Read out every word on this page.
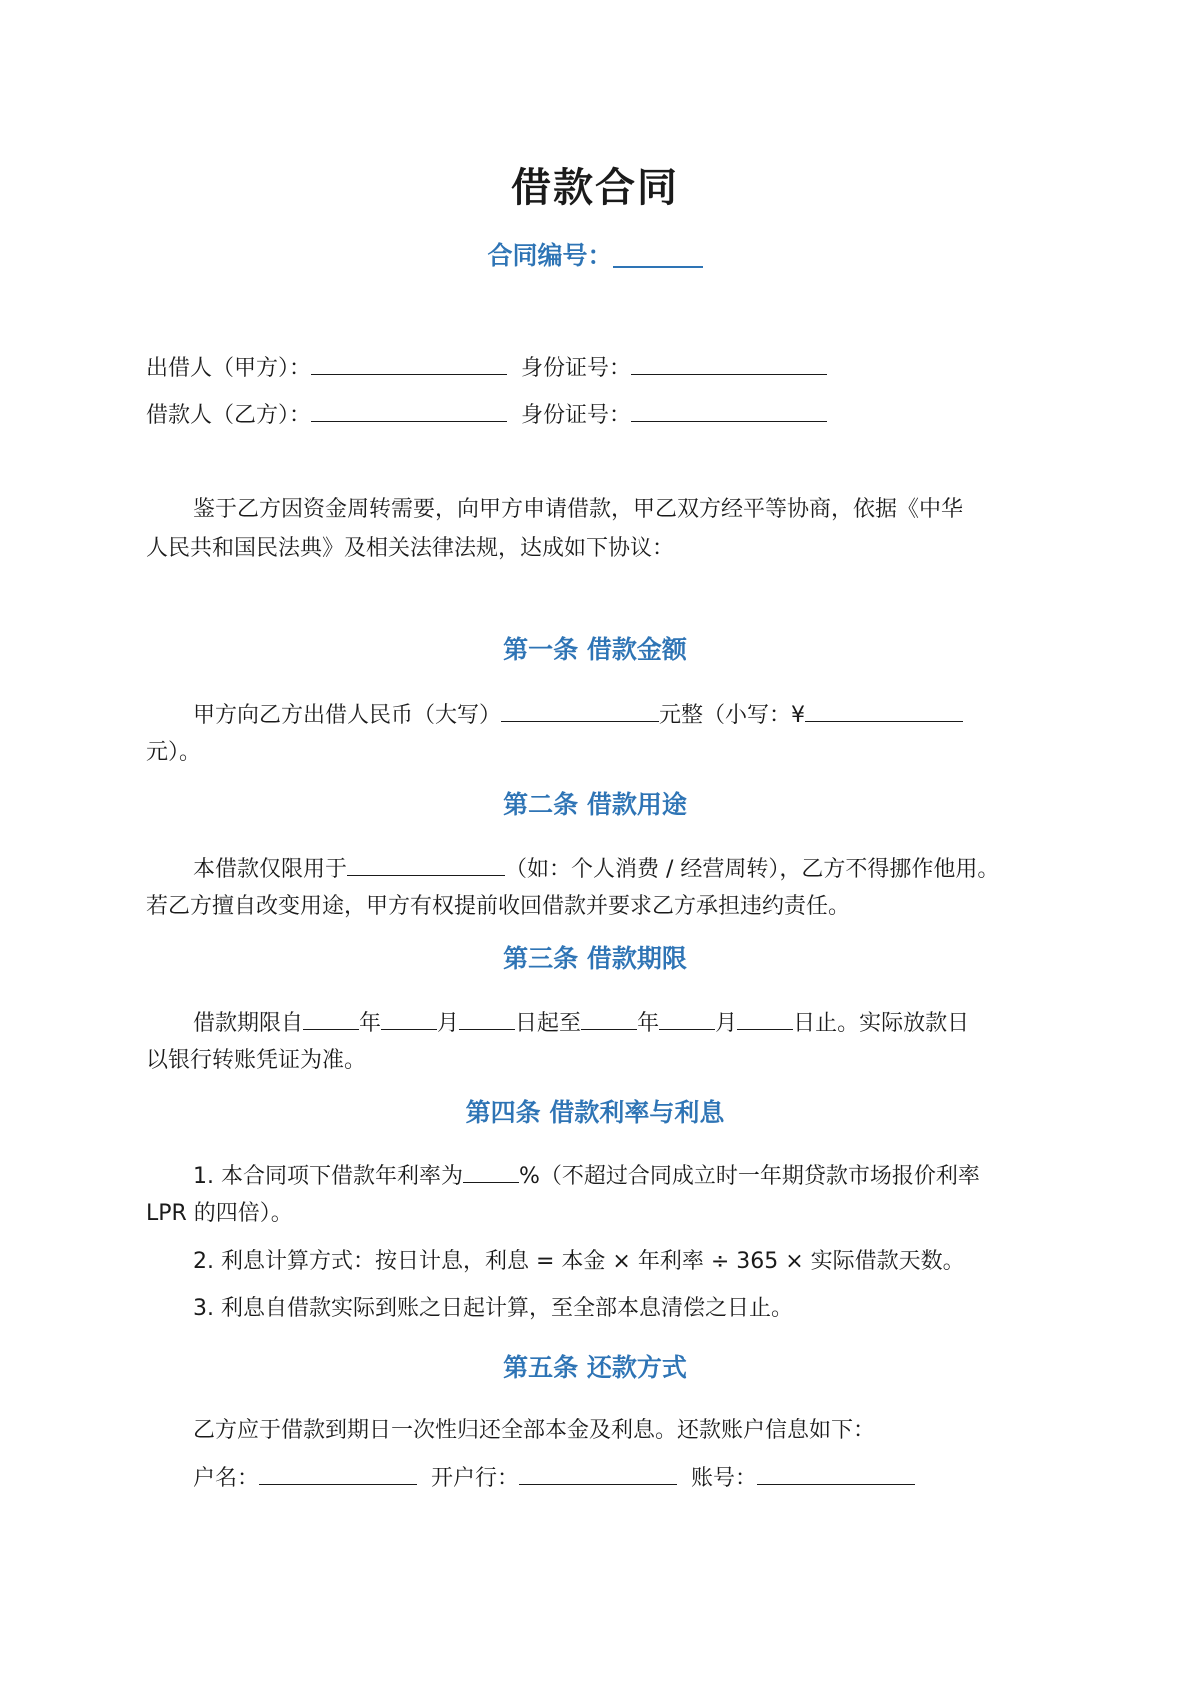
借款合同
合同编号：
出借人（甲方）：	身份证号：
借款人（乙方）：	身份证号：
鉴于乙方因资金周转需要，向甲方申请借款，甲乙双方经平等协商，依据《中华
人民共和国民法典》及相关法律法规，达成如下协议：
第一条 借款金额
甲方向乙方出借人民币（大写）	元整（小写：¥
元）。
第二条 借款用途
本借款仅限用于	（如：个人消费 / 经营周转），乙方不得挪作他用。
若乙方擅自改变用途，甲方有权提前收回借款并要求乙方承担违约责任。
第三条 借款期限
借款期限自	年	月	日起至	年	月	日止。实际放款日
以银行转账凭证为准。
第四条 借款利率与利息
1. 本合同项下借款年利率为	%（不超过合同成立时一年期贷款市场报价利率
LPR 的四倍）。
2. 利息计算方式：按日计息，利息 = 本金 × 年利率 ÷ 365 × 实际借款天数。
3. 利息自借款实际到账之日起计算，至全部本息清偿之日止。
第五条 还款方式
乙方应于借款到期日一次性归还全部本金及利息。还款账户信息如下：
户名：	开户行：	账号：
